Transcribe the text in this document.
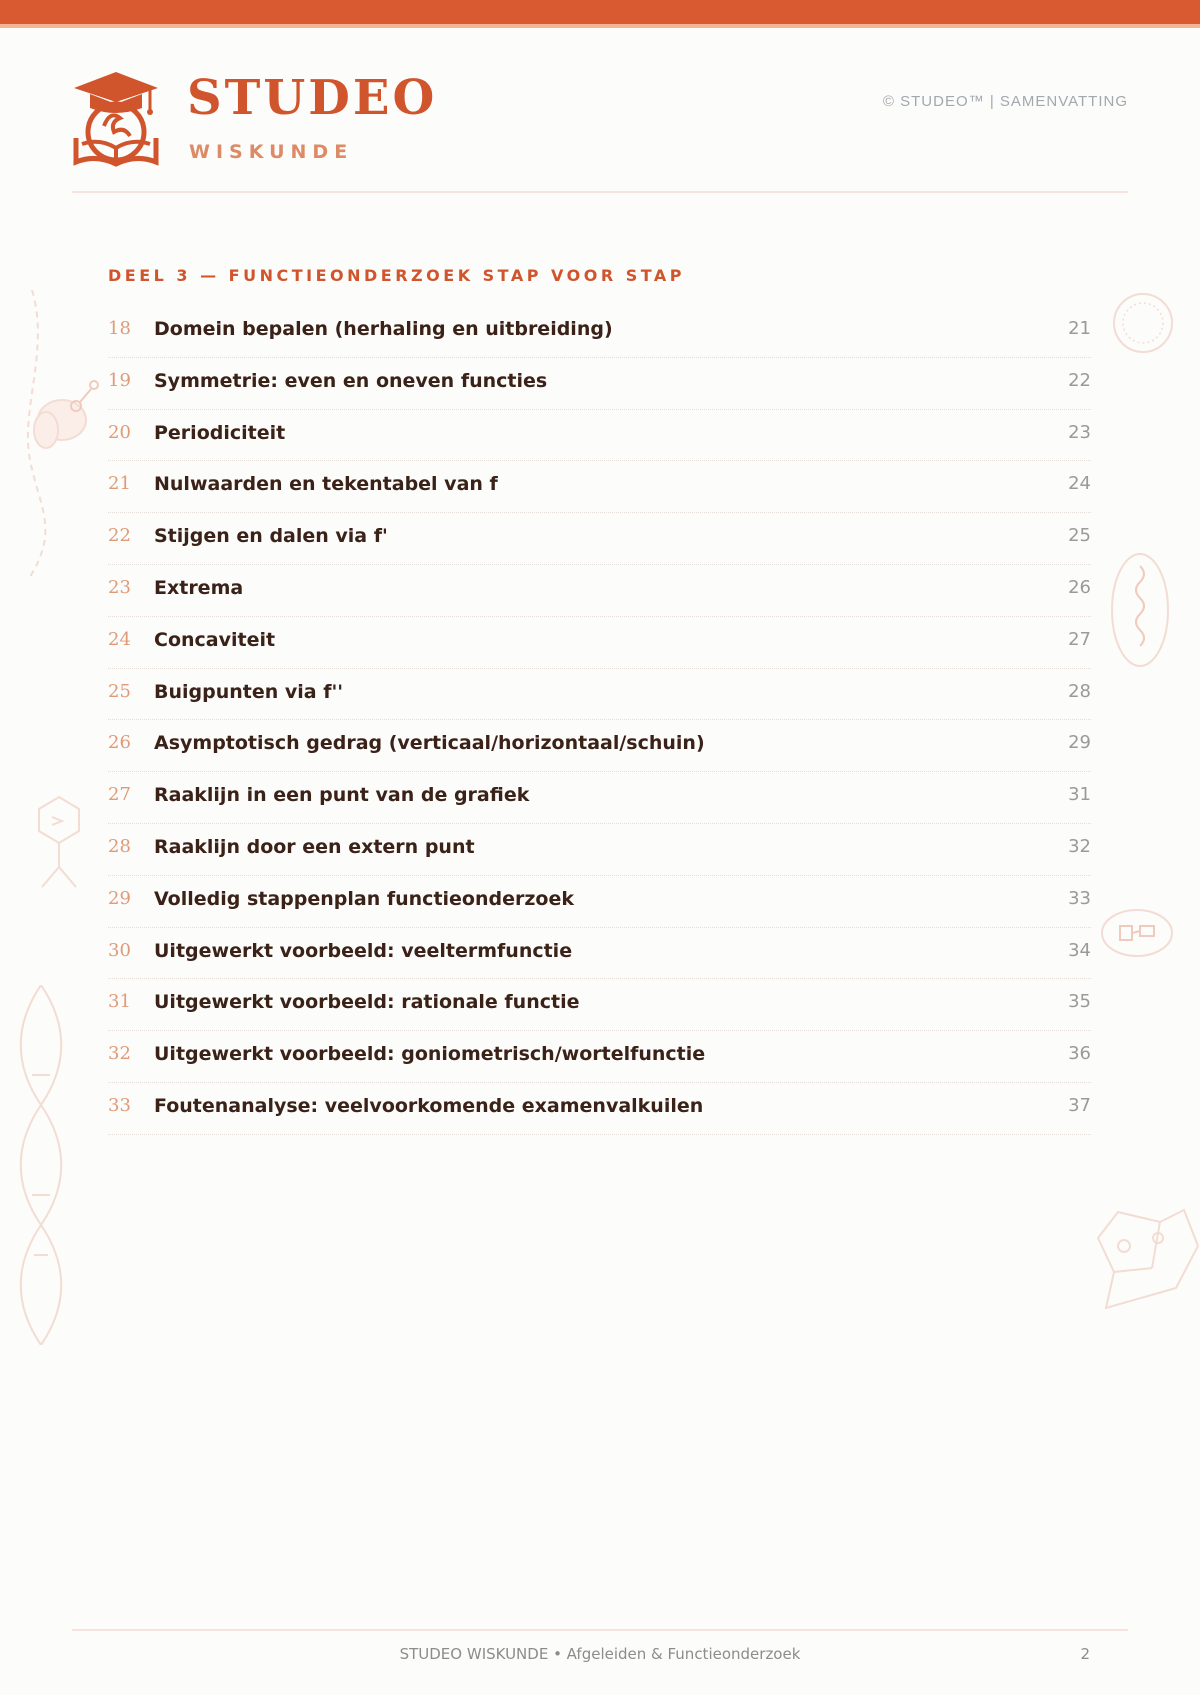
STUDEO
WISKUNDE
© STUDEO™ | SAMENVATTING
DEEL 3 — FUNCTIEONDERZOEK STAP VOOR STAP
18 Domein bepalen (herhaling en uitbreiding)	21
19 Symmetrie: even en oneven functies	22
20 Periodiciteit	23
21 Nulwaarden en tekentabel van f	24
22 Stijgen en dalen via f'	25
23 Extrema	26
24 Concaviteit	27
25 Buigpunten via f''	28
26 Asymptotisch gedrag (verticaal/horizontaal/schuin)	29
27 Raaklijn in een punt van de grafiek	31
28 Raaklijn door een extern punt	32
29 Volledig stappenplan functieonderzoek	33
30 Uitgewerkt voorbeeld: veeltermfunctie	34
31 Uitgewerkt voorbeeld: rationale functie	35
32 Uitgewerkt voorbeeld: goniometrisch/wortelfunctie	36
33 Foutenanalyse: veelvoorkomende examenvalkuilen	37
STUDEO WISKUNDE • Afgeleiden & Functieonderzoek	2
